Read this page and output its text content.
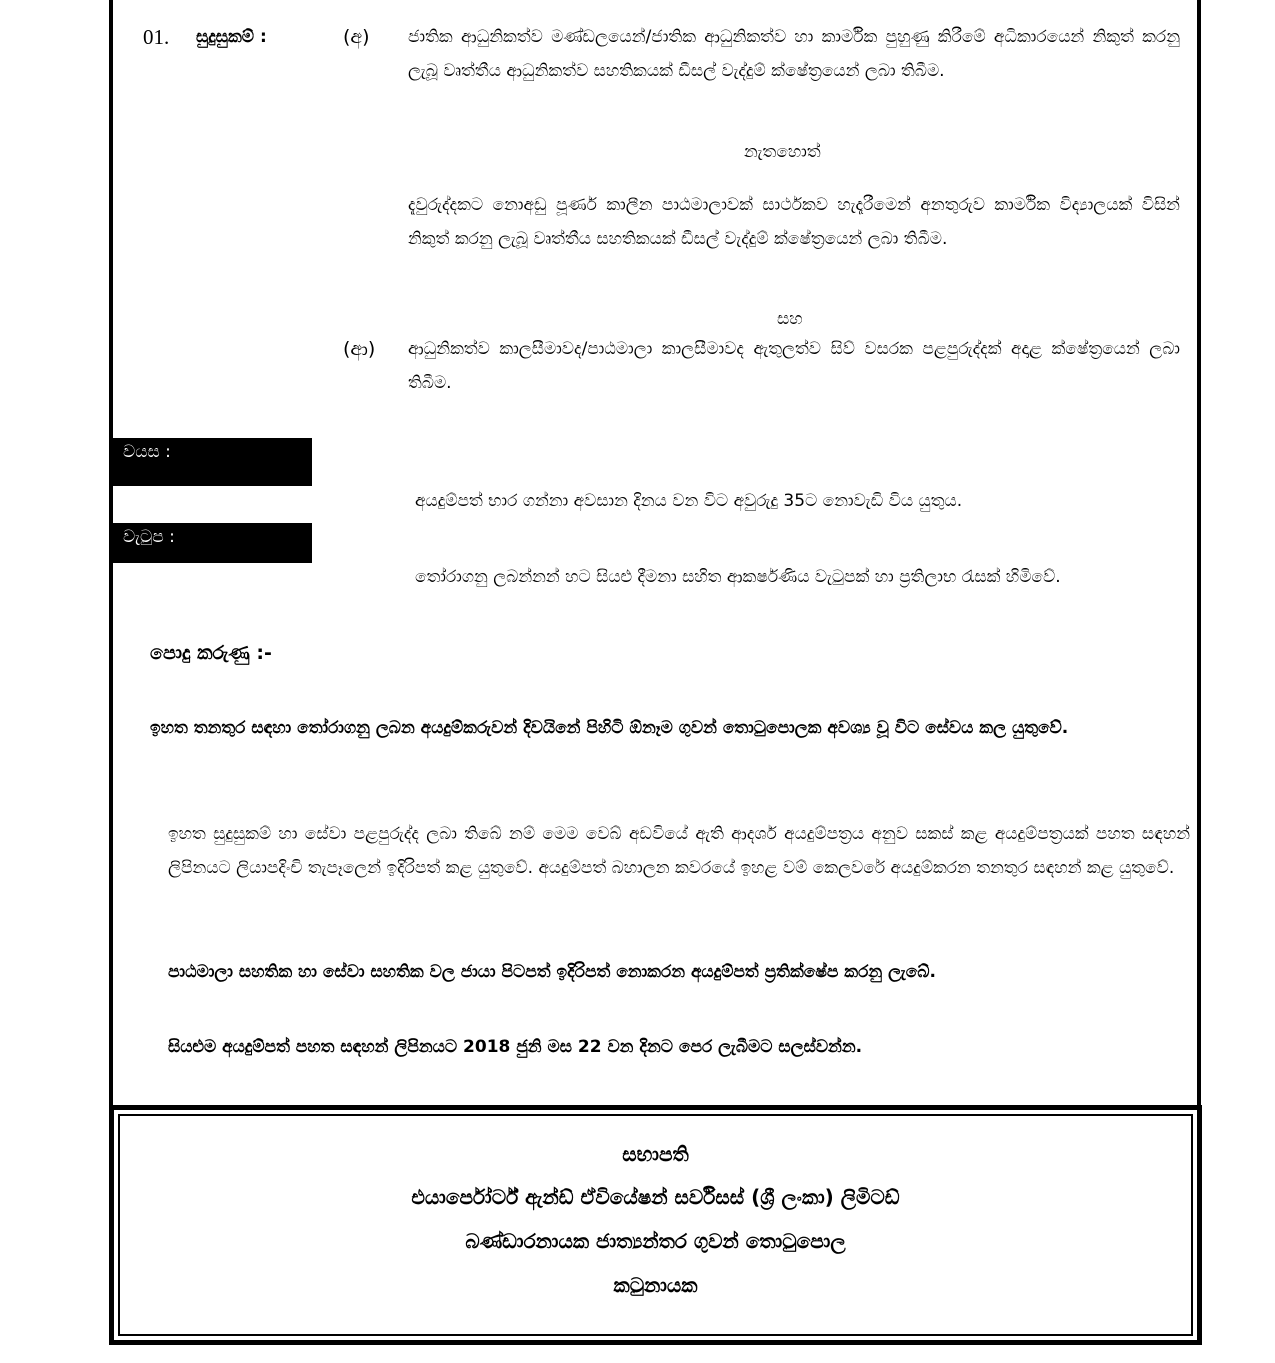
01. සුදුසුකම් :	(අ) ජාතික ආධුනිකත්ව මණ්ඩලයෙන්/ජාතික ආධුනිකත්ව හා කාර්මික පුහුණු කිරීමේ අධිකාරයෙන් නිකුත් කරනු ලැබූ වෘත්තීය ආධුනිකත්ව සහතිකයක් ඩීසල් වැද්දුම් ක්ෂේත්‍රයෙන් ලබා තිබීම.
නැතහොත්
දැවුරුද්දකට නොඅඩු පූර්ණ කාලීන පාඨමාලාවක් සාර්ථකව හැදෑරීමෙන් අනතුරුව කාර්මික විද්‍යාලයක් විසින් නිකුත් කරනු ලැබූ වෘත්තීය සහතිකයක් ඩීසල් වැද්දුම් ක්ෂේත්‍රයෙන් ලබා තිබීම.
සහ
(ආ) ආධුනිකත්ව කාලසීමාවද/පාඨමාලා කාලසීමාවද ඇතුලත්ව සිව් වසරක පළපුරුද්දක් අදාළ ක්ෂේත්‍රයෙන් ලබා තිබීම.
වයස :
අයදුම්පත් භාර ගන්නා අවසාන දිනය වන විට අවුරුදු 35ට නොවැඩි විය යුතුය.
වැටුප :
තෝරාගනු ලබන්නන් හට සියළු දීමනා සහිත ආකර්ෂණිය වැටුපක් හා ප්‍රතිලාභ රැසක් හිමිවේ.
පොදු කරුණු :-
ඉහත තනතුර සඳහා තෝරාගනු ලබන අයදුම්කරුවන් දිවයිනේ පිහිටි ඕනෑම ගුවන් තොටුපොලක අවශ්‍ය වූ විට සේවය කල යුතුවේ.
ඉහත සුදුසුකම් හා සේවා පළපුරුද්ද ලබා තිබේ නම් මෙම වෙබ් අඩවියේ ඇති ආදර්ශ අයදුම්පත්‍රය අනුව සකස් කළ අයදුම්පත්‍රයක් පහත සඳහන් ලිපිනයට ලියාපදිංචි තැපෑලෙන් ඉදිරිපත් කළ යුතුවේ. අයදුම්පත් බහාලන කවරයේ ඉහළ වම් කෙලවරේ අයදුම්කරන තනතුර සඳහන් කළ යුතුවේ.
පාඨමාලා සහතික හා සේවා සහතික වල ජායා පිටපත් ඉදිරිපත් නොකරන අයදුම්පත් ප්‍රතික්ෂේප කරනු ලැබේ.
සියළුම අයදුම්පත් පහත සඳහන් ලිපිනයට 2018 ජුනි මස 22 වන දිනට පෙර ලැබීමට සලස්වන්න.
සභාපති
එයාර්පෝර්ට් ඇන්ඩ් ඒවියේෂන් සර්විසස් (ශ්‍රී ලංකා) ලිමිටඩ්
බණ්ඩාරනායක ජාත්‍යන්තර ගුවන් තොටුපොල
කටුනායක
